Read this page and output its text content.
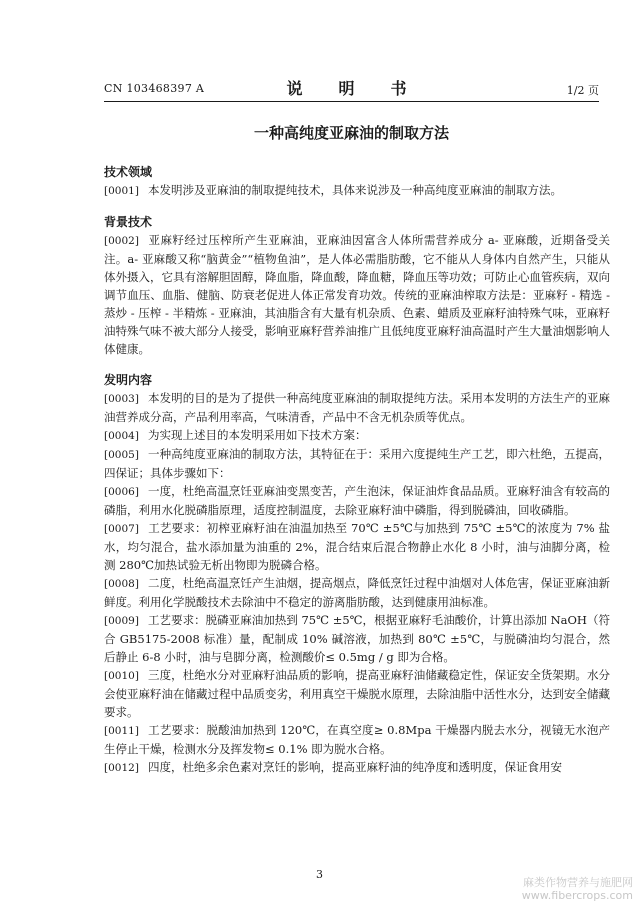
CN 103468397 A	说　明　书	1/2 页
一种高纯度亚麻油的制取方法

技术领域

[0001] 本发明涉及亚麻油的制取提纯技术，具体来说涉及一种高纯度亚麻油的制取方法。

背景技术

[0002] 亚麻籽经过压榨所产生亚麻油，亚麻油因富含人体所需营养成分 a- 亚麻酸，近期备受关注。a- 亚麻酸又称“脑黄金”“植物鱼油”，是人体必需脂肪酸，它不能从人身体内自然产生，只能从体外摄入，它具有溶解胆固醇，降血脂，降血酸，降血糖，降血压等功效；可防止心血管疾病，双向调节血压、血脂、健脑、防衰老促进人体正常发育功效。传统的亚麻油榨取方法是：亚麻籽 - 精选 - 蒸炒 - 压榨 - 半精炼 - 亚麻油，其油脂含有大量有机杂质、色素、蜡质及亚麻籽油特殊气味，亚麻籽油特殊气味不被大部分人接受，影响亚麻籽营养油推广且低纯度亚麻籽油高温时产生大量油烟影响人体健康。

发明内容

[0003] 本发明的目的是为了提供一种高纯度亚麻油的制取提纯方法。采用本发明的方法生产的亚麻油营养成分高，产品利用率高，气味清香，产品中不含无机杂质等优点。

[0004] 为实现上述目的本发明采用如下技术方案：

[0005] 一种高纯度亚麻油的制取方法，其特征在于：采用六度提纯生产工艺，即六杜绝，五提高，四保证；具体步骤如下：

[0006] 一度，杜绝高温烹饪亚麻油变黑变苦，产生泡沫，保证油炸食品品质。亚麻籽油含有较高的磷脂，利用水化脱磷脂原理，适度控制温度，去除亚麻籽油中磷脂，得到脱磷油，回收磷脂。

[0007] 工艺要求：初榨亚麻籽油在油温加热至 70℃ ±5℃与加热到 75℃ ±5℃的浓度为 7% 盐水，均匀混合，盐水添加量为油重的 2%，混合结束后混合物静止水化 8 小时，油与油脚分离，检测 280℃加热试验无析出物即为脱磷合格。

[0008] 二度，杜绝高温烹饪产生油烟，提高烟点，降低烹饪过程中油烟对人体危害，保证亚麻油新鲜度。利用化学脱酸技术去除油中不稳定的游离脂肪酸，达到健康用油标准。

[0009] 工艺要求：脱磷亚麻油加热到 75℃ ±5℃，根据亚麻籽毛油酸价，计算出添加 NaOH（符合 GB5175-2008 标准）量，配制成 10% 碱溶液，加热到 80℃ ±5℃，与脱磷油均匀混合，然后静止 6-8 小时，油与皂脚分离，检测酸价≤ 0.5mg / g 即为合格。

[0010] 三度，杜绝水分对亚麻籽油品质的影响，提高亚麻籽油储藏稳定性，保证安全货架期。水分会使亚麻籽油在储藏过程中品质变劣，利用真空干燥脱水原理，去除油脂中活性水分，达到安全储藏要求。

[0011] 工艺要求：脱酸油加热到 120℃，在真空度≥ 0.8Mpa 干燥器内脱去水分，视镜无水泡产生停止干燥，检测水分及挥发物≤ 0.1% 即为脱水合格。

[0012] 四度，杜绝多余色素对烹饪的影响，提高亚麻籽油的纯净度和透明度，保证食用安

3
麻类作物营养与施肥网
www.fibercrops.com
